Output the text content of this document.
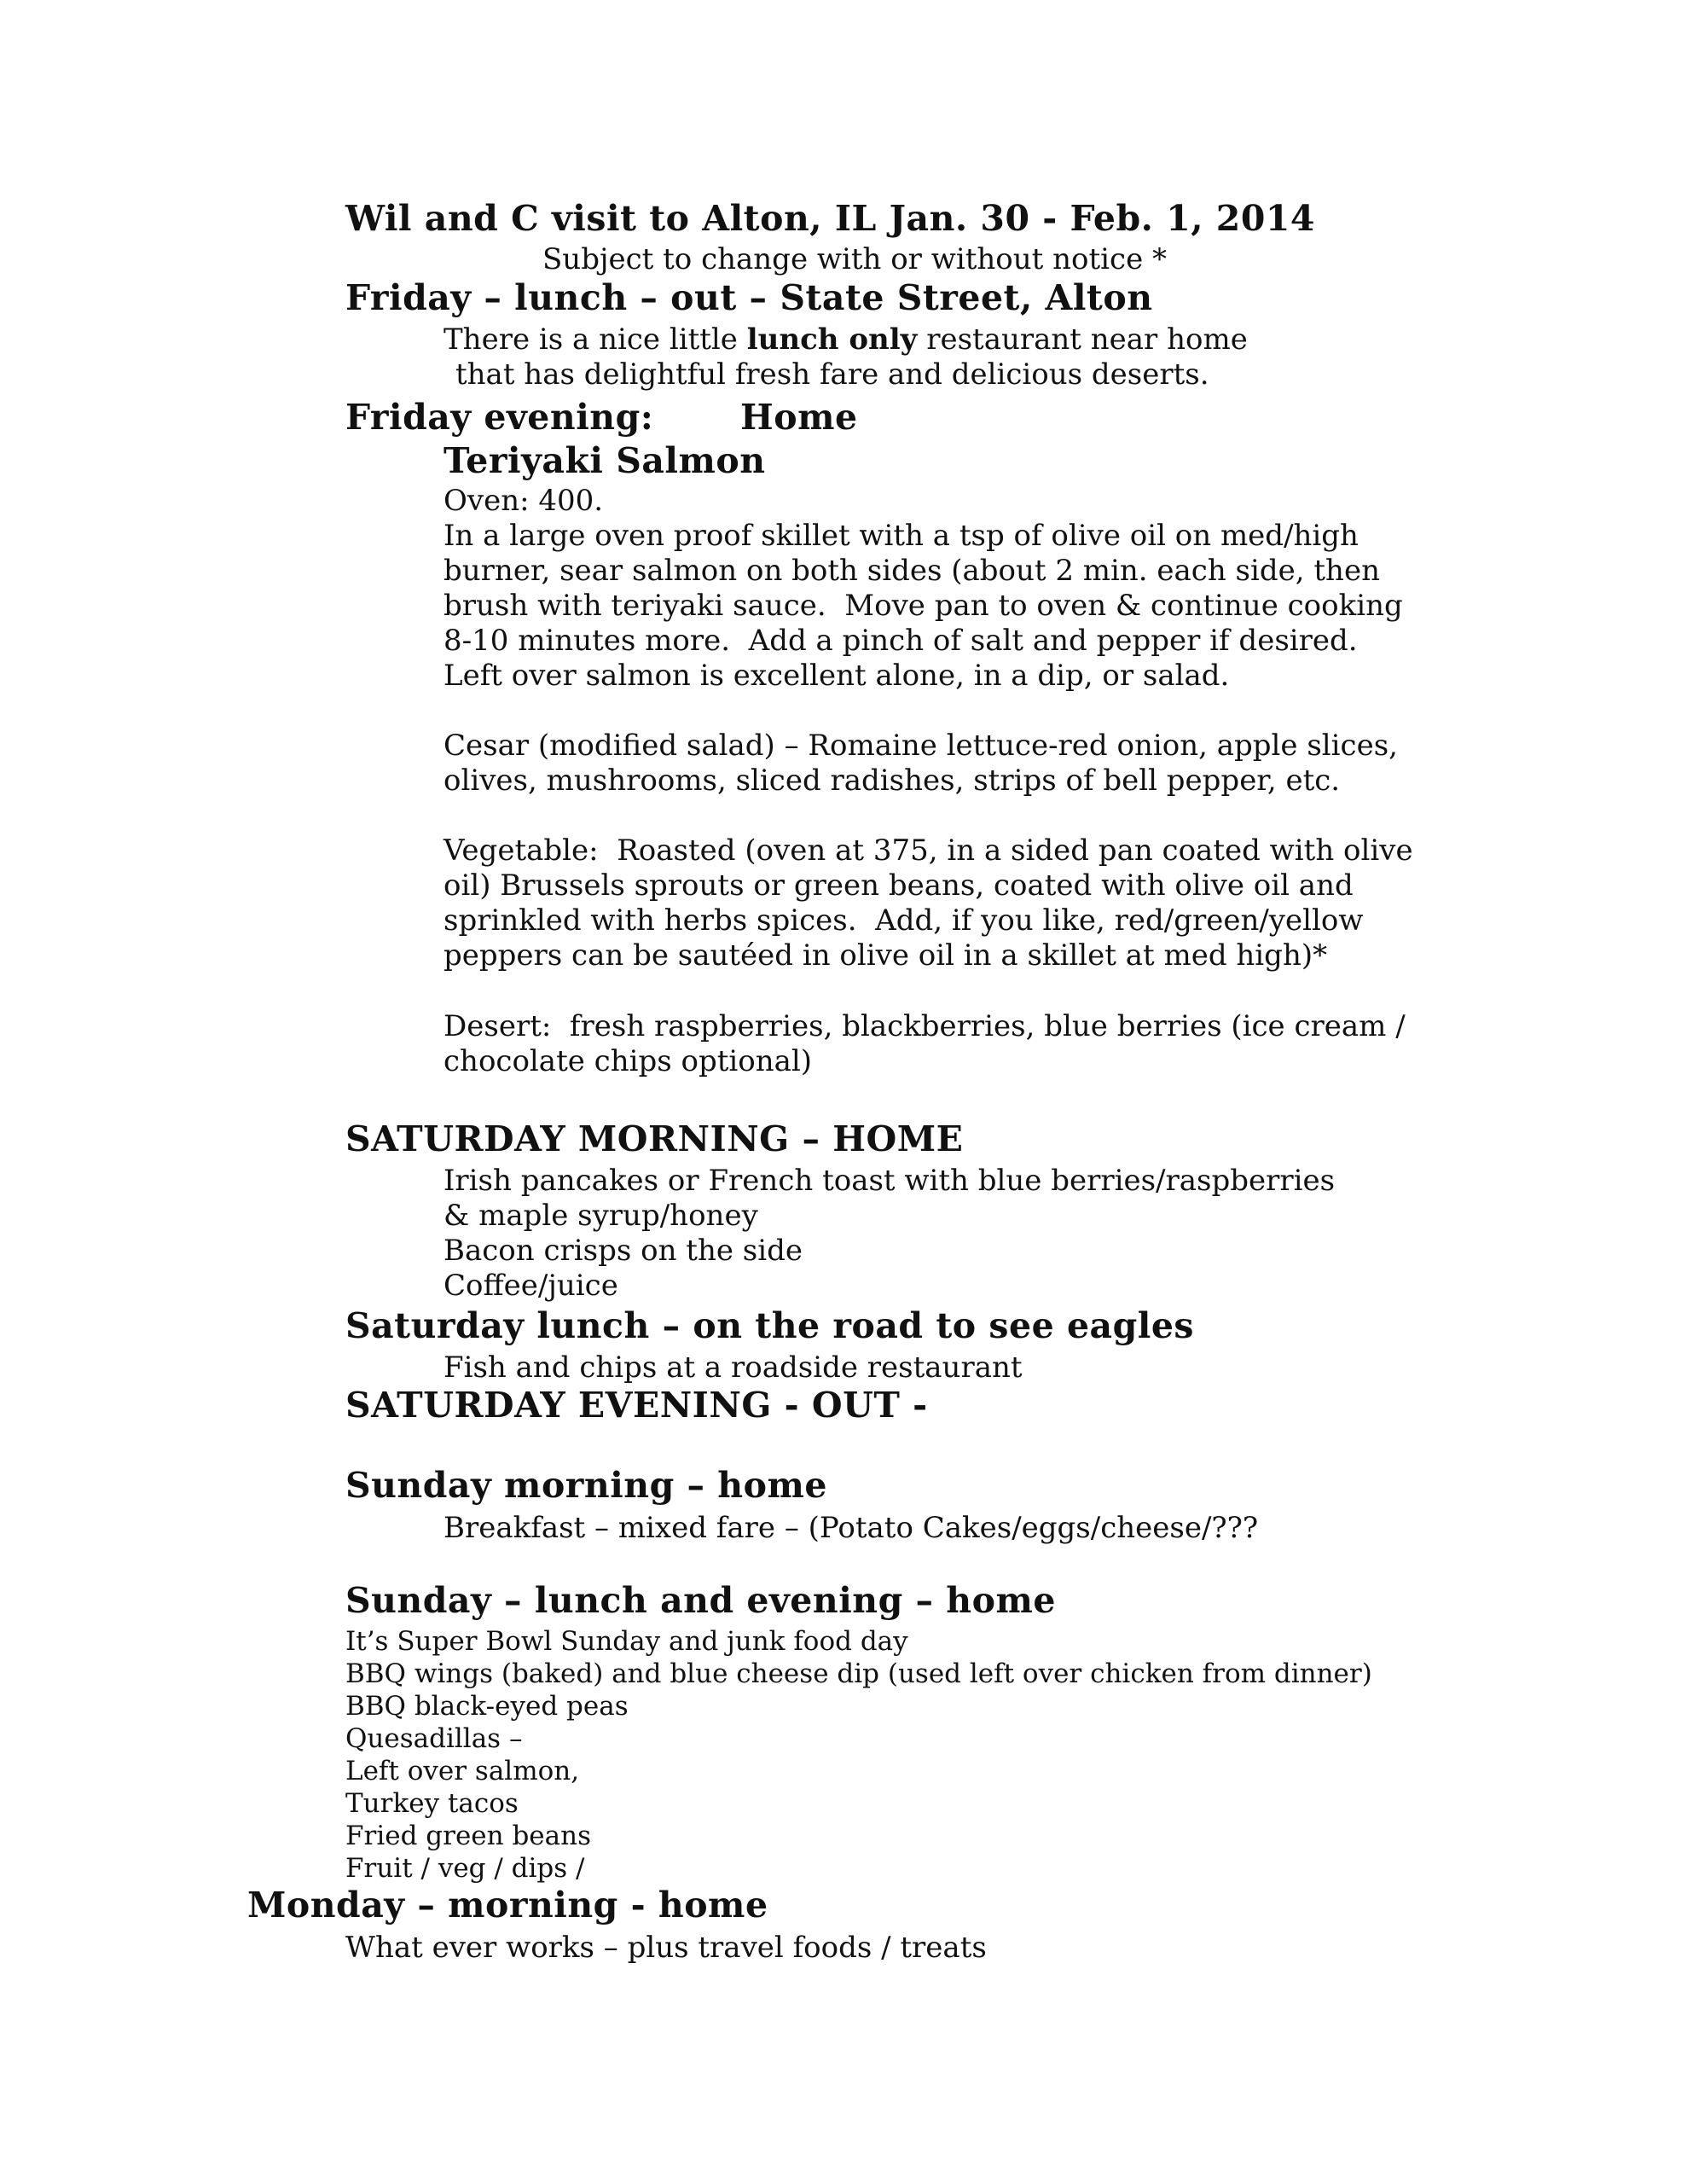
Wil and C visit to Alton, IL Jan. 30 - Feb. 1, 2014
Subject to change with or without notice *
Friday – lunch – out – State Street, Alton
There is a nice little lunch only restaurant near home
that has delightful fresh fare and delicious deserts.
Friday evening: Home
Teriyaki Salmon
Oven: 400.
In a large oven proof skillet with a tsp of olive oil on med/high
burner, sear salmon on both sides (about 2 min. each side, then
brush with teriyaki sauce.  Move pan to oven & continue cooking
8-10 minutes more.  Add a pinch of salt and pepper if desired.
Left over salmon is excellent alone, in a dip, or salad.
Cesar (modified salad) – Romaine lettuce-red onion, apple slices,
olives, mushrooms, sliced radishes, strips of bell pepper, etc.
Vegetable:  Roasted (oven at 375, in a sided pan coated with olive
oil) Brussels sprouts or green beans, coated with olive oil and
sprinkled with herbs spices.  Add, if you like, red/green/yellow
peppers can be sautéed in olive oil in a skillet at med high)*
Desert:  fresh raspberries, blackberries, blue berries (ice cream /
chocolate chips optional)
SATURDAY MORNING – HOME
Irish pancakes or French toast with blue berries/raspberries
& maple syrup/honey
Bacon crisps on the side
Coffee/juice
Saturday lunch – on the road to see eagles
Fish and chips at a roadside restaurant
SATURDAY EVENING - OUT -
Sunday morning – home
Breakfast – mixed fare – (Potato Cakes/eggs/cheese/???
Sunday – lunch and evening – home
It’s Super Bowl Sunday and junk food day
BBQ wings (baked) and blue cheese dip (used left over chicken from dinner)
BBQ black-eyed peas
Quesadillas –
Left over salmon,
Turkey tacos
Fried green beans
Fruit / veg / dips /
Monday – morning - home
What ever works – plus travel foods / treats
